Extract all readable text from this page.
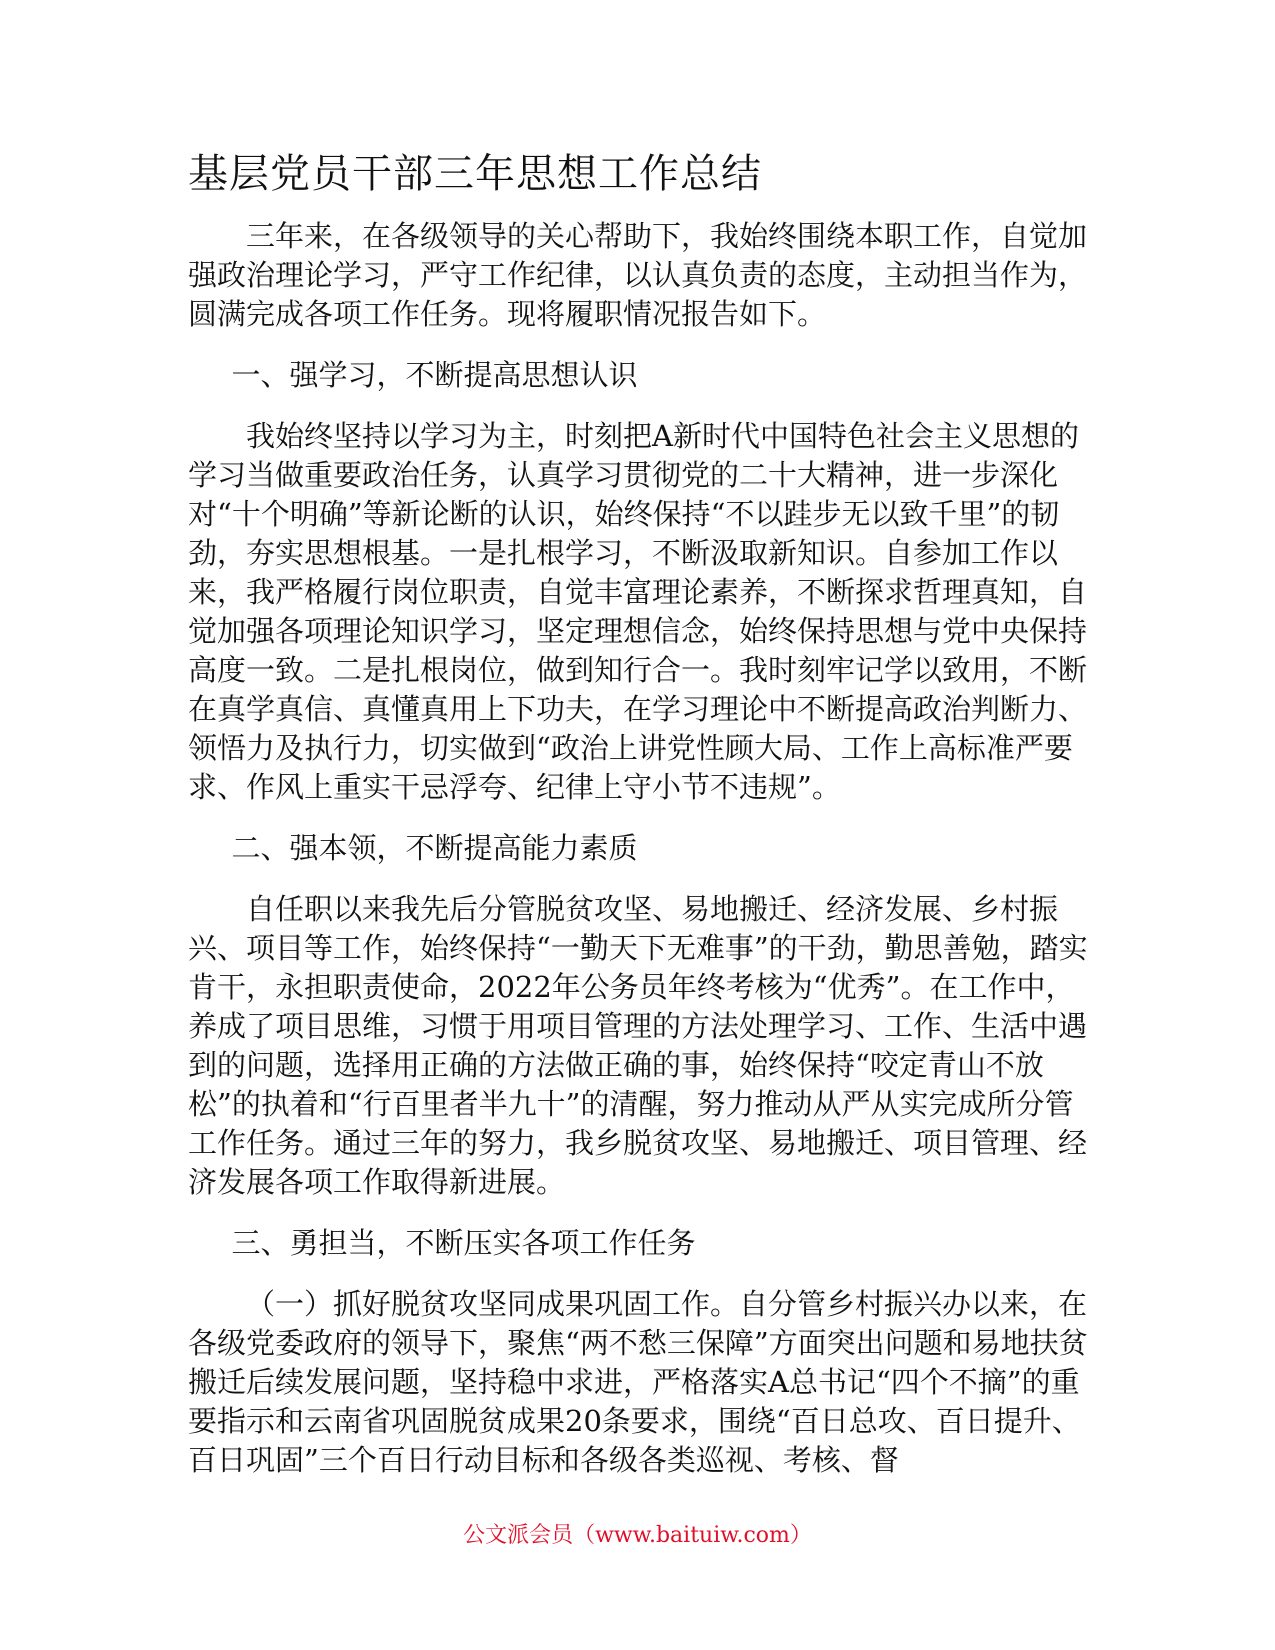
基层党员干部三年思想工作总结

三年来，在各级领导的关心帮助下，我始终围绕本职工作，自觉加强政治理论学习，严守工作纪律，以认真负责的态度，主动担当作为，圆满完成各项工作任务。现将履职情况报告如下。

一、强学习，不断提高思想认识

我始终坚持以学习为主，时刻把A新时代中国特色社会主义思想的学习当做重要政治任务，认真学习贯彻党的二十大精神，进一步深化对“十个明确”等新论断的认识，始终保持“不以跬步无以致千里”的韧劲，夯实思想根基。一是扎根学习，不断汲取新知识。自参加工作以来，我严格履行岗位职责，自觉丰富理论素养，不断探求哲理真知，自觉加强各项理论知识学习，坚定理想信念，始终保持思想与党中央保持高度一致。二是扎根岗位，做到知行合一。我时刻牢记学以致用，不断在真学真信、真懂真用上下功夫，在学习理论中不断提高政治判断力、领悟力及执行力，切实做到“政治上讲党性顾大局、工作上高标准严要求、作风上重实干忌浮夸、纪律上守小节不违规”。

二、强本领，不断提高能力素质

自任职以来我先后分管脱贫攻坚、易地搬迁、经济发展、乡村振兴、项目等工作，始终保持“一勤天下无难事”的干劲，勤思善勉，踏实肯干，永担职责使命，2022年公务员年终考核为“优秀”。在工作中，养成了项目思维，习惯于用项目管理的方法处理学习、工作、生活中遇到的问题，选择用正确的方法做正确的事，始终保持“咬定青山不放松”的执着和“行百里者半九十”的清醒，努力推动从严从实完成所分管工作任务。通过三年的努力，我乡脱贫攻坚、易地搬迁、项目管理、经济发展各项工作取得新进展。

三、勇担当，不断压实各项工作任务

（一）抓好脱贫攻坚同成果巩固工作。自分管乡村振兴办以来，在各级党委政府的领导下，聚焦“两不愁三保障”方面突出问题和易地扶贫搬迁后续发展问题，坚持稳中求进，严格落实A总书记“四个不摘”的重要指示和云南省巩固脱贫成果20条要求，围绕“百日总攻、百日提升、百日巩固”三个百日行动目标和各级各类巡视、考核、督

公文派会员（www.baituiw.com）
